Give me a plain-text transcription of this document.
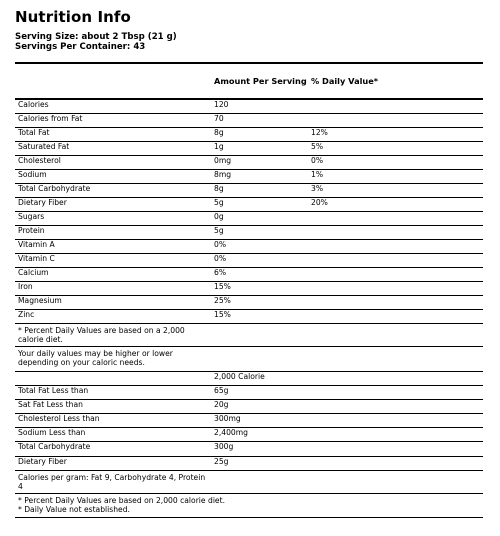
Nutrition Info
Serving Size: about 2 Tbsp (21 g)
Servings Per Container: 43
	Amount Per Serving	% Daily Value*
Calories	120	
Calories from Fat	70	
Total Fat	8g	12%
Saturated Fat	1g	5%
Cholesterol	0mg	0%
Sodium	8mg	1%
Total Carbohydrate	8g	3%
Dietary Fiber	5g	20%
Sugars	0g	
Protein	5g	
Vitamin A	0%	
Vitamin C	0%	
Calcium	6%	
Iron	15%	
Magnesium	25%	
Zinc	15%	
* Percent Daily Values are based on a 2,000 calorie diet.		
Your daily values may be higher or lower depending on your caloric needs.		
	2,000 Calorie	
Total Fat Less than	65g	
Sat Fat Less than	20g	
Cholesterol Less than	300mg	
Sodium Less than	2,400mg	
Total Carbohydrate	300g	
Dietary Fiber	25g	
Calories per gram: Fat 9, Carbohydrate 4, Protein 4		

* Percent Daily Values are based on 2,000 calorie diet.
* Daily Value not established.		
